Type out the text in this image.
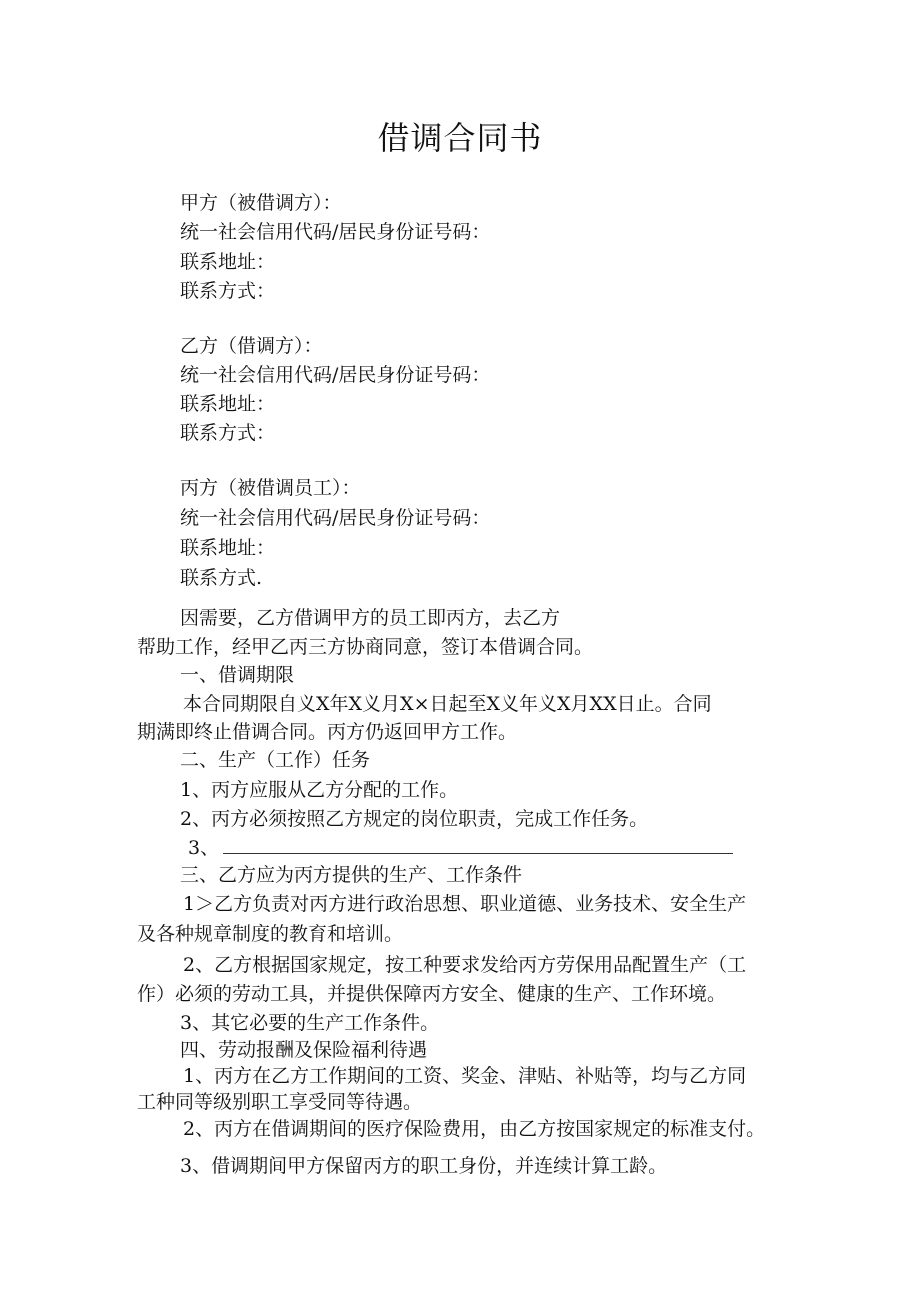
借调合同书
甲方（被借调方）：
统一社会信用代码/居民身份证号码：
联系地址：
联系方式：
乙方（借调方）：
统一社会信用代码/居民身份证号码：
联系地址：
联系方式：
丙方（被借调员工）：
统一社会信用代码/居民身份证号码：
联系地址：
联系方式.
因需要，乙方借调甲方的员工即丙方，去乙方
帮助工作，经甲乙丙三方协商同意，签订本借调合同。
一、借调期限
本合同期限自义X年X义月X×日起至X义年义X月XX日止。合同
期满即终止借调合同。丙方仍返回甲方工作。
二、生产（工作）任务
1、丙方应服从乙方分配的工作。
2、丙方必须按照乙方规定的岗位职责，完成工作任务。
3、
三、乙方应为丙方提供的生产、工作条件
1＞乙方负责对丙方进行政治思想、职业道德、业务技术、安全生产
及各种规章制度的教育和培训。
2、乙方根据国家规定，按工种要求发给丙方劳保用品配置生产（工
作）必须的劳动工具，并提供保障丙方安全、健康的生产、工作环境。
3、其它必要的生产工作条件。
四、劳动报酬及保险福利待遇
1、丙方在乙方工作期间的工资、奖金、津贴、补贴等，均与乙方同
工种同等级别职工享受同等待遇。
2、丙方在借调期间的医疗保险费用，由乙方按国家规定的标准支付。
3、借调期间甲方保留丙方的职工身份，并连续计算工龄。
